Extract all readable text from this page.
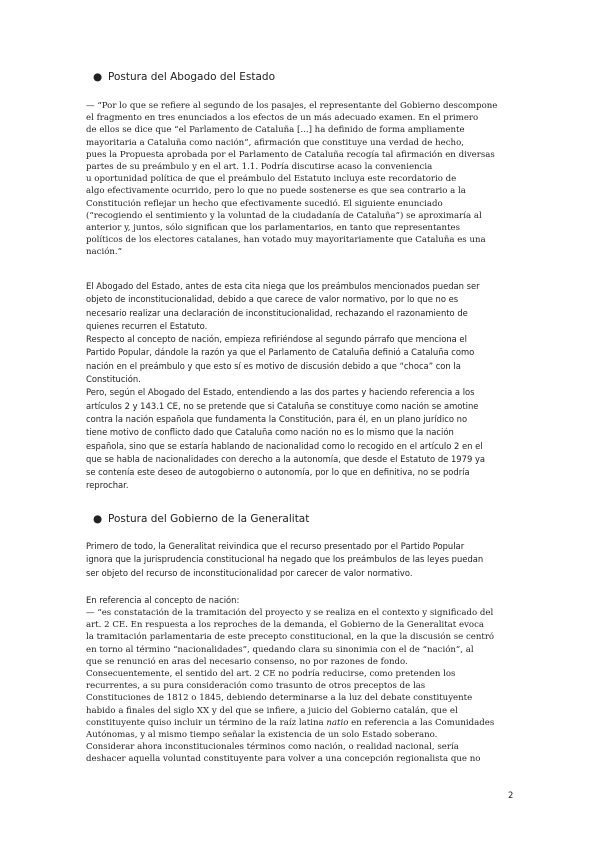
● Postura del Abogado del Estado
— “Por lo que se refiere al segundo de los pasajes, el representante del Gobierno descompone
el fragmento en tres enunciados a los efectos de un más adecuado examen. En el primero
de ellos se dice que “el Parlamento de Cataluña [...] ha definido de forma ampliamente
mayoritaria a Cataluña como nación”, afirmación que constituye una verdad de hecho,
pues la Propuesta aprobada por el Parlamento de Cataluña recogía tal afirmación en diversas
partes de su preámbulo y en el art. 1.1. Podría discutirse acaso la conveniencia
u oportunidad política de que el preámbulo del Estatuto incluya este recordatorio de
algo efectivamente ocurrido, pero lo que no puede sostenerse es que sea contrario a la
Constitución reflejar un hecho que efectivamente sucedió. El siguiente enunciado
(“recogiendo el sentimiento y la voluntad de la ciudadanía de Cataluña”) se aproximaría al
anterior y, juntos, sólo significan que los parlamentarios, en tanto que representantes
políticos de los electores catalanes, han votado muy mayoritariamente que Cataluña es una
nación.”
El Abogado del Estado, antes de esta cita niega que los preámbulos mencionados puedan ser
objeto de inconstitucionalidad, debido a que carece de valor normativo, por lo que no es
necesario realizar una declaración de inconstitucionalidad, rechazando el razonamiento de
quienes recurren el Estatuto.
Respecto al concepto de nación, empieza refiriéndose al segundo párrafo que menciona el
Partido Popular, dándole la razón ya que el Parlamento de Cataluña definió a Cataluña como
nación en el preámbulo y que esto sí es motivo de discusión debido a que “choca” con la
Constitución.
Pero, según el Abogado del Estado, entendiendo a las dos partes y haciendo referencia a los
artículos 2 y 143.1 CE, no se pretende que si Cataluña se constituye como nación se amotine
contra la nación española que fundamenta la Constitución, para él, en un plano jurídico no
tiene motivo de conflicto dado que Cataluña como nación no es lo mismo que la nación
española, sino que se estaría hablando de nacionalidad como lo recogido en el artículo 2 en el
que se habla de nacionalidades con derecho a la autonomía, que desde el Estatuto de 1979 ya
se contenía este deseo de autogobierno o autonomía, por lo que en definitiva, no se podría
reprochar.
● Postura del Gobierno de la Generalitat
Primero de todo, la Generalitat reivindica que el recurso presentado por el Partido Popular
ignora que la jurisprudencia constitucional ha negado que los preámbulos de las leyes puedan
ser objeto del recurso de inconstitucionalidad por carecer de valor normativo.
En referencia al concepto de nación:
— “es constatación de la tramitación del proyecto y se realiza en el contexto y significado del
art. 2 CE. En respuesta a los reproches de la demanda, el Gobierno de la Generalitat evoca
la tramitación parlamentaria de este precepto constitucional, en la que la discusión se centró
en torno al término “nacionalidades”, quedando clara su sinonimia con el de “nación”, al
que se renunció en aras del necesario consenso, no por razones de fondo.
Consecuentemente, el sentido del art. 2 CE no podría reducirse, como pretenden los
recurrentes, a su pura consideración como trasunto de otros preceptos de las
Constituciones de 1812 o 1845, debiendo determinarse a la luz del debate constituyente
habido a finales del siglo XX y del que se infiere, a juicio del Gobierno catalán, que el
constituyente quiso incluir un término de la raíz latina natio en referencia a las Comunidades
Autónomas, y al mismo tiempo señalar la existencia de un solo Estado soberano.
Considerar ahora inconstitucionales términos como nación, o realidad nacional, sería
deshacer aquella voluntad constituyente para volver a una concepción regionalista que no
2
